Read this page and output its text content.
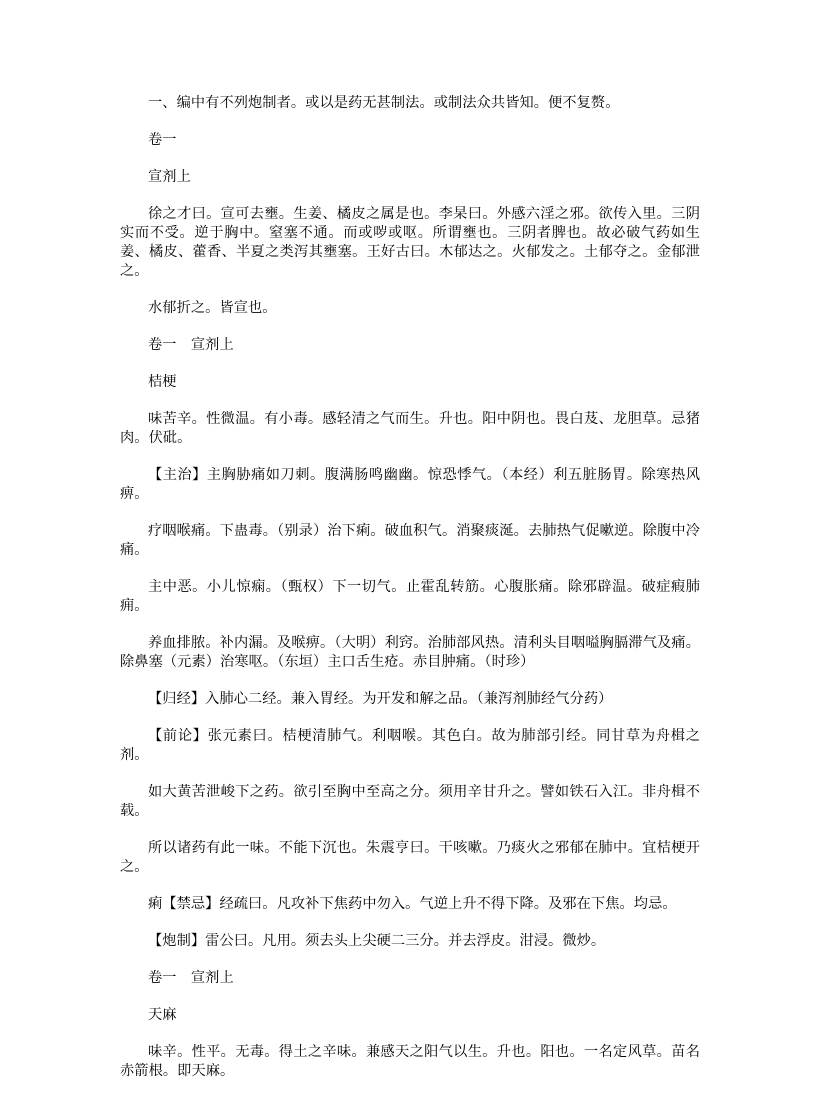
一、编中有不列炮制者。或以是药无甚制法。或制法众共皆知。便不复赘。

卷一

宣剂上

徐之才曰。宣可去壅。生姜、橘皮之属是也。李杲曰。外感六淫之邪。欲传入里。三阴实而不受。逆于胸中。窒塞不通。而或哕或呕。所谓壅也。三阴者脾也。故必破气药如生姜、橘皮、藿香、半夏之类泻其壅塞。王好古曰。木郁达之。火郁发之。土郁夺之。金郁泄之。

水郁折之。皆宣也。

卷一　宣剂上

桔梗

味苦辛。性微温。有小毒。感轻清之气而生。升也。阳中阴也。畏白芨、龙胆草。忌猪肉。伏砒。

【主治】主胸胁痛如刀刺。腹满肠鸣幽幽。惊恐悸气。（本经）利五脏肠胃。除寒热风痹。

疗咽喉痛。下蛊毒。（别录）治下痢。破血积气。消聚痰涎。去肺热气促嗽逆。除腹中冷痛。

主中恶。小儿惊痫。（甄权）下一切气。止霍乱转筋。心腹胀痛。除邪辟温。破症瘕肺痈。

养血排脓。补内漏。及喉痹。（大明）利窍。治肺部风热。清利头目咽嗌胸膈滞气及痛。除鼻塞（元素）治寒呕。（东垣）主口舌生疮。赤目肿痛。（时珍）

【归经】入肺心二经。兼入胃经。为开发和解之品。（兼泻剂肺经气分药）

【前论】张元素曰。桔梗清肺气。利咽喉。其色白。故为肺部引经。同甘草为舟楫之剂。

如大黄苦泄峻下之药。欲引至胸中至高之分。须用辛甘升之。譬如铁石入江。非舟楫不载。

所以诸药有此一味。不能下沉也。朱震亨曰。干咳嗽。乃痰火之邪郁在肺中。宜桔梗开之。

痢【禁忌】经疏曰。凡攻补下焦药中勿入。气逆上升不得下降。及邪在下焦。均忌。

【炮制】雷公曰。凡用。须去头上尖硬二三分。并去浮皮。泔浸。微炒。

卷一　宣剂上

天麻

味辛。性平。无毒。得土之辛味。兼感天之阳气以生。升也。阳也。一名定风草。苗名赤箭根。即天麻。
